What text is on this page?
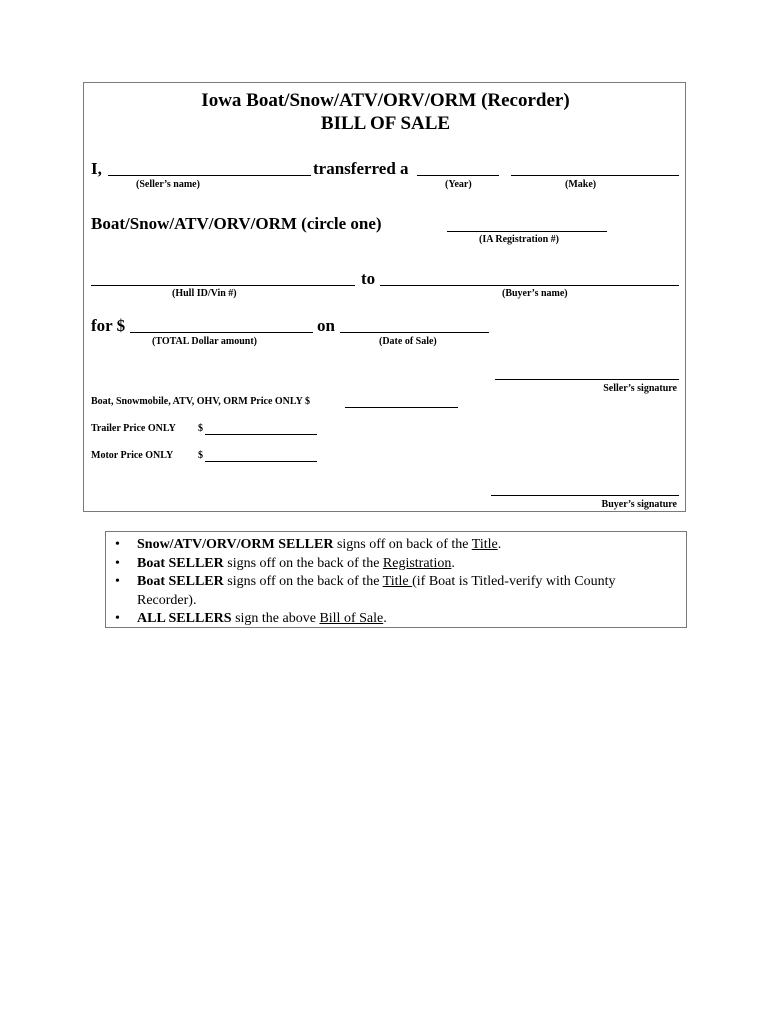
Iowa Boat/Snow/ATV/ORV/ORM (Recorder)
BILL OF SALE
I,	transferred a
(Seller’s name)	(Year)	(Make)
Boat/Snow/ATV/ORV/ORM (circle one)
(IA Registration #)
to
(Hull ID/Vin #)	(Buyer’s name)
for $	on
(TOTAL Dollar amount)	(Date of Sale)
Seller’s signature
Boat, Snowmobile, ATV, OHV, ORM Price ONLY $
Trailer Price ONLY $
Motor Price ONLY $
Buyer’s signature
• Snow/ATV/ORV/ORM SELLER signs off on back of the Title.
• Boat SELLER signs off on the back of the Registration.
• Boat SELLER signs off on the back of the Title (if Boat is Titled-verify with County Recorder).
• ALL SELLERS sign the above Bill of Sale.
